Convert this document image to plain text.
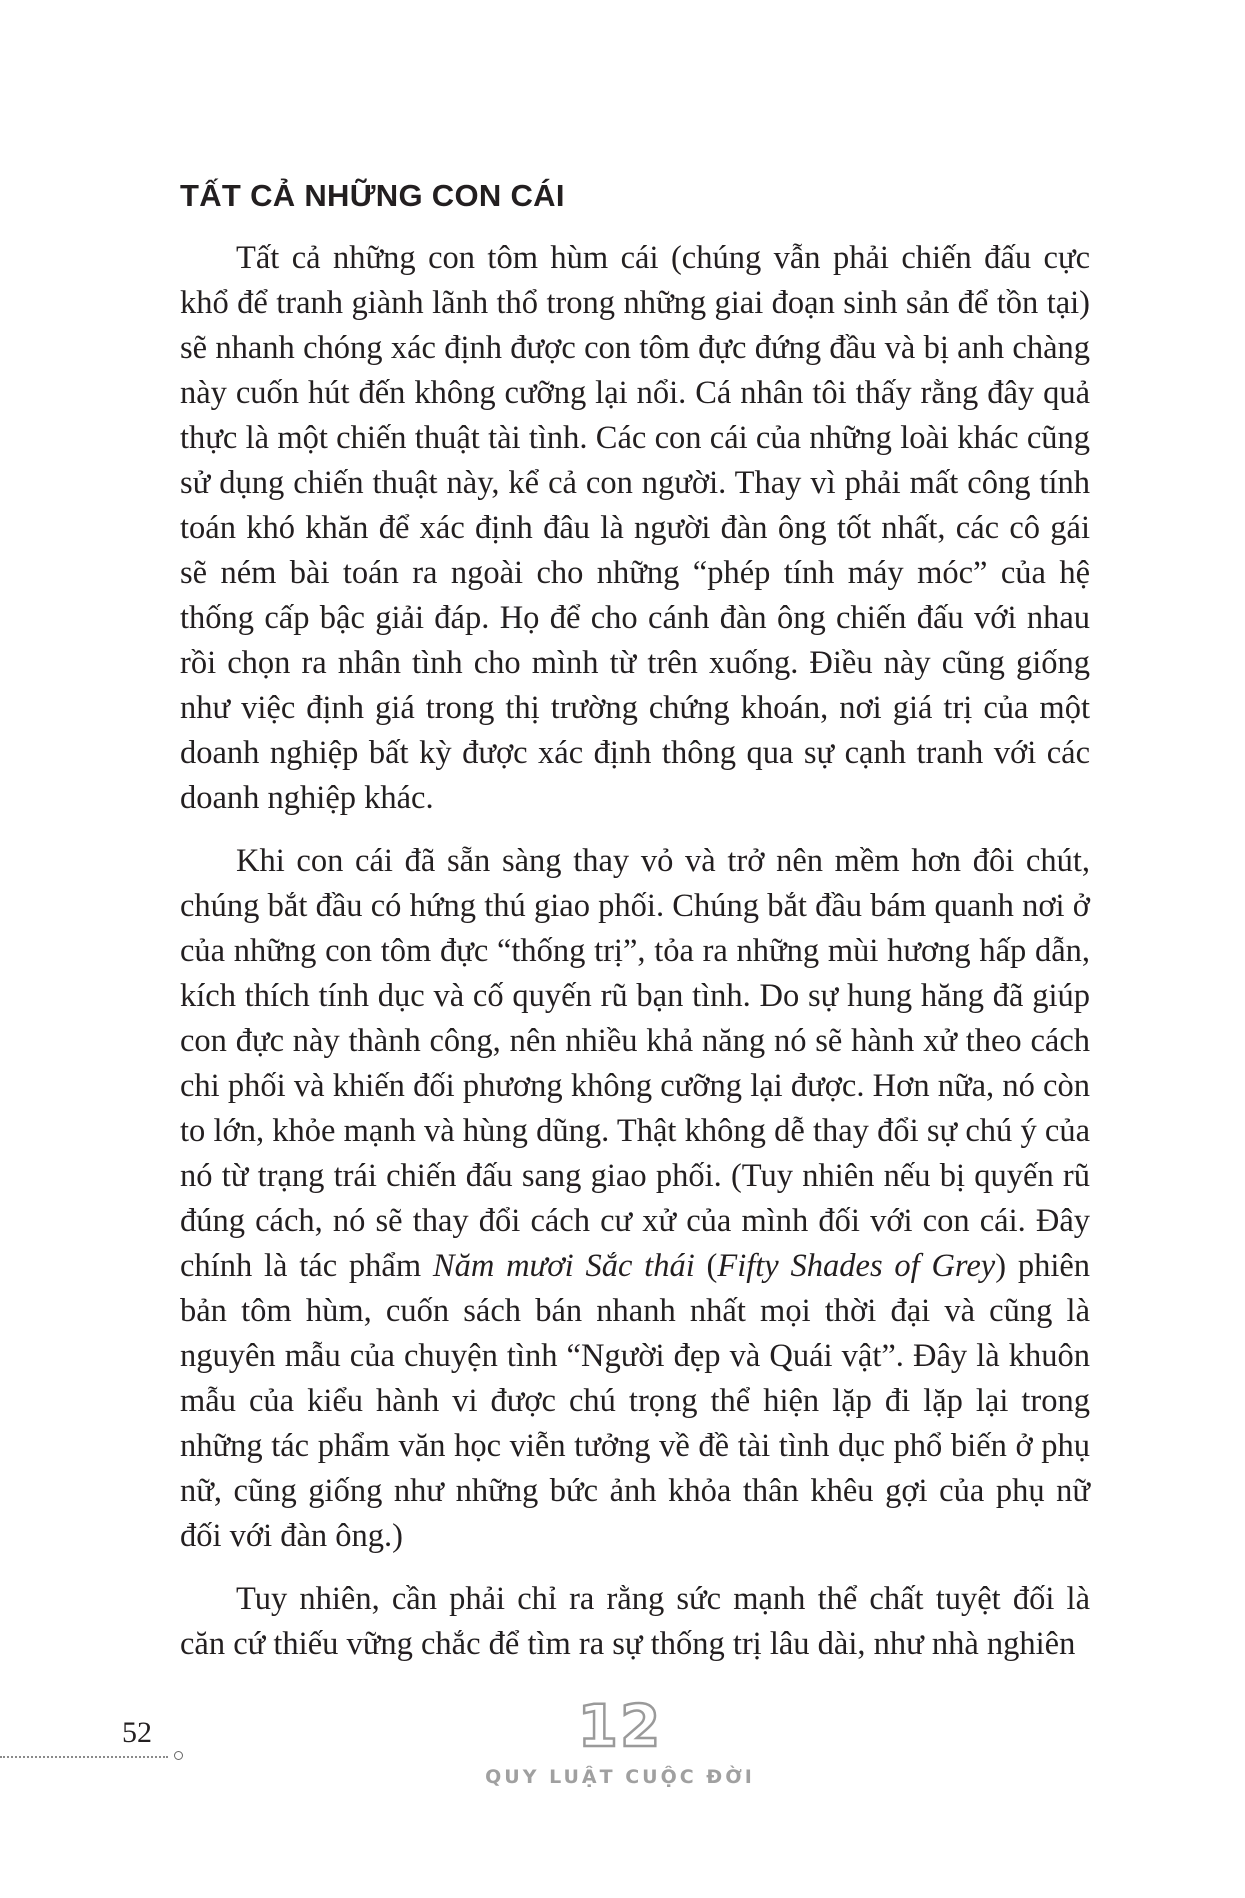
TẤT CẢ NHỮNG CON CÁI

Tất cả những con tôm hùm cái (chúng vẫn phải chiến đấu cực khổ để tranh giành lãnh thổ trong những giai đoạn sinh sản để tồn tại) sẽ nhanh chóng xác định được con tôm đực đứng đầu và bị anh chàng này cuốn hút đến không cưỡng lại nổi. Cá nhân tôi thấy rằng đây quả thực là một chiến thuật tài tình. Các con cái của những loài khác cũng sử dụng chiến thuật này, kể cả con người. Thay vì phải mất công tính toán khó khăn để xác định đâu là người đàn ông tốt nhất, các cô gái sẽ ném bài toán ra ngoài cho những “phép tính máy móc” của hệ thống cấp bậc giải đáp. Họ để cho cánh đàn ông chiến đấu với nhau rồi chọn ra nhân tình cho mình từ trên xuống. Điều này cũng giống như việc định giá trong thị trường chứng khoán, nơi giá trị của một doanh nghiệp bất kỳ được xác định thông qua sự cạnh tranh với các doanh nghiệp khác.

Khi con cái đã sẵn sàng thay vỏ và trở nên mềm hơn đôi chút, chúng bắt đầu có hứng thú giao phối. Chúng bắt đầu bám quanh nơi ở của những con tôm đực “thống trị”, tỏa ra những mùi hương hấp dẫn, kích thích tính dục và cố quyến rũ bạn tình. Do sự hung hăng đã giúp con đực này thành công, nên nhiều khả năng nó sẽ hành xử theo cách chi phối và khiến đối phương không cưỡng lại được. Hơn nữa, nó còn to lớn, khỏe mạnh và hùng dũng. Thật không dễ thay đổi sự chú ý của nó từ trạng trái chiến đấu sang giao phối. (Tuy nhiên nếu bị quyến rũ đúng cách, nó sẽ thay đổi cách cư xử của mình đối với con cái. Đây chính là tác phẩm Năm mươi Sắc thái (Fifty Shades of Grey) phiên bản tôm hùm, cuốn sách bán nhanh nhất mọi thời đại và cũng là nguyên mẫu của chuyện tình “Người đẹp và Quái vật”. Đây là khuôn mẫu của kiểu hành vi được chú trọng thể hiện lặp đi lặp lại trong những tác phẩm văn học viễn tưởng về đề tài tình dục phổ biến ở phụ nữ, cũng giống như những bức ảnh khỏa thân khêu gợi của phụ nữ đối với đàn ông.)

Tuy nhiên, cần phải chỉ ra rằng sức mạnh thể chất tuyệt đối là căn cứ thiếu vững chắc để tìm ra sự thống trị lâu dài, như nhà nghiên

52	12
QUY LUẬT CUỘC ĐỜI
